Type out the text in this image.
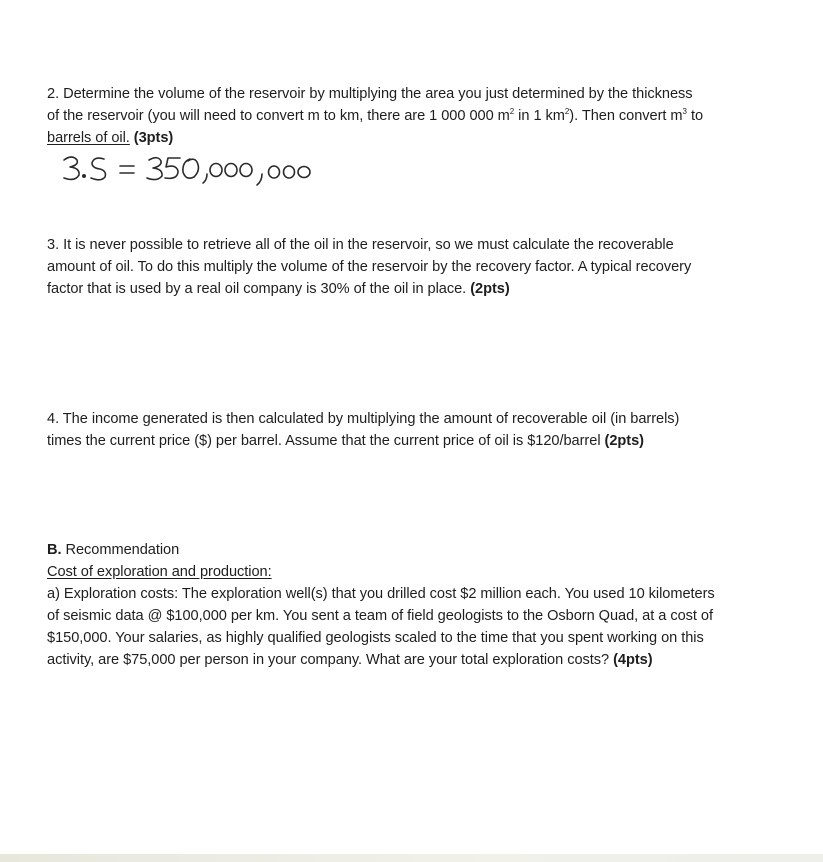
2. Determine the volume of the reservoir by multiplying the area you just determined by the thickness
of the reservoir (you will need to convert m to km, there are 1 000 000 $m^2$ in 1 $km^2$). Then convert $m^3$ to
barrels of oil. (3pts)
3. It is never possible to retrieve all of the oil in the reservoir, so we must calculate the recoverable
amount of oil. To do this multiply the volume of the reservoir by the recovery factor. A typical recovery
factor that is used by a real oil company is 30% of the oil in place. (2pts)
4. The income generated is then calculated by multiplying the amount of recoverable oil (in barrels)
times the current price ($) per barrel. Assume that the current price of oil is $120/barrel (2pts)
B. Recommendation
Cost of exploration and production:
a) Exploration costs: The exploration well(s) that you drilled cost $2 million each. You used 10 kilometers
of seismic data @ $100,000 per km. You sent a team of field geologists to the Osborn Quad, at a cost of
$150,000. Your salaries, as highly qualified geologists scaled to the time that you spent working on this
activity, are $75,000 per person in your company. What are your total exploration costs? (4pts)
